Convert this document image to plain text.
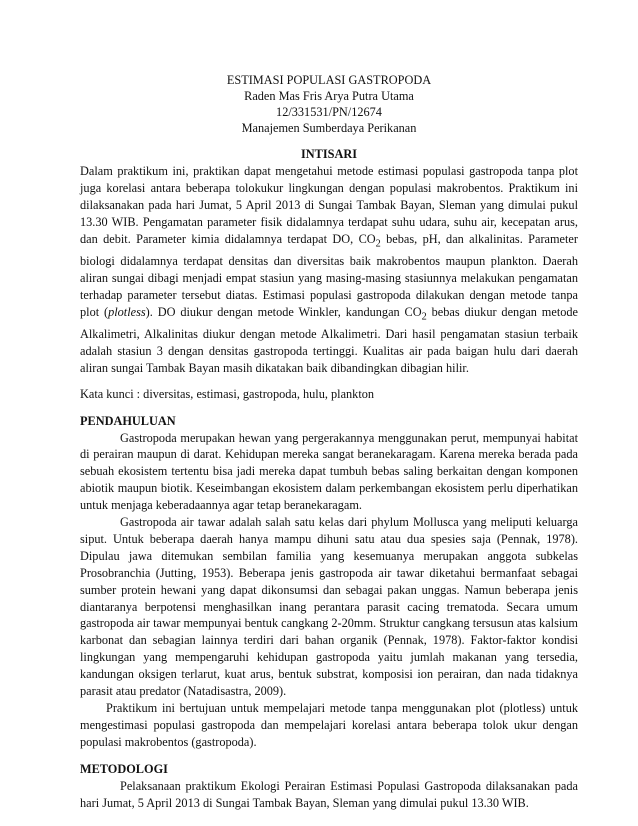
ESTIMASI POPULASI GASTROPODA
Raden Mas Fris Arya Putra Utama
12/331531/PN/12674
Manajemen Sumberdaya Perikanan
INTISARI

Dalam praktikum ini, praktikan dapat mengetahui metode estimasi populasi gastropoda tanpa plot juga korelasi antara beberapa tolokukur lingkungan dengan populasi makrobentos. Praktikum ini dilaksanakan pada hari Jumat, 5 April 2013 di Sungai Tambak Bayan, Sleman yang dimulai pukul 13.30 WIB. Pengamatan parameter fisik didalamnya terdapat suhu udara, suhu air, kecepatan arus, dan debit. Parameter kimia didalamnya terdapat DO, $CO_2$ bebas, pH, dan alkalinitas. Parameter biologi didalamnya terdapat densitas dan diversitas baik makrobentos maupun plankton. Daerah aliran sungai dibagi menjadi empat stasiun yang masing-masing stasiunnya melakukan pengamatan terhadap parameter tersebut diatas. Estimasi populasi gastropoda dilakukan dengan metode tanpa plot (plotless). DO diukur dengan metode Winkler, kandungan $CO_2$ bebas diukur dengan metode Alkalimetri, Alkalinitas diukur dengan metode Alkalimetri. Dari hasil pengamatan stasiun terbaik adalah stasiun 3 dengan densitas gastropoda tertinggi. Kualitas air pada baigan hulu dari daerah aliran sungai Tambak Bayan masih dikatakan baik dibandingkan dibagian hilir.

Kata kunci : diversitas, estimasi, gastropoda, hulu, plankton

PENDAHULUAN

Gastropoda merupakan hewan yang pergerakannya menggunakan perut, mempunyai habitat di perairan maupun di darat. Kehidupan mereka sangat beranekaragam. Karena mereka berada pada sebuah ekosistem tertentu bisa jadi mereka dapat tumbuh bebas saling berkaitan dengan komponen abiotik maupun biotik. Keseimbangan ekosistem dalam perkembangan ekosistem perlu diperhatikan untuk menjaga keberadaannya agar tetap beranekaragam.

Gastropoda air tawar adalah salah satu kelas dari phylum Mollusca yang meliputi keluarga siput. Untuk beberapa daerah hanya mampu dihuni satu atau dua spesies saja (Pennak, 1978). Dipulau jawa ditemukan sembilan familia yang kesemuanya merupakan anggota subkelas Prosobranchia (Jutting, 1953). Beberapa jenis gastropoda air tawar diketahui bermanfaat sebagai sumber protein hewani yang dapat dikonsumsi dan sebagai pakan unggas. Namun beberapa jenis diantaranya berpotensi menghasilkan inang perantara parasit cacing trematoda. Secara umum gastropoda air tawar mempunyai bentuk cangkang 2-20mm. Struktur cangkang tersusun atas kalsium karbonat dan sebagian lainnya terdiri dari bahan organik (Pennak, 1978). Faktor-faktor kondisi lingkungan yang mempengaruhi kehidupan gastropoda yaitu jumlah makanan yang tersedia, kandungan oksigen terlarut, kuat arus, bentuk substrat, komposisi ion perairan, dan nada tidaknya parasit atau predator (Natadisastra, 2009).

Praktikum ini bertujuan untuk mempelajari metode tanpa menggunakan plot (plotless) untuk mengestimasi populasi gastropoda dan mempelajari korelasi antara beberapa tolok ukur dengan populasi makrobentos (gastropoda).

METODOLOGI

Pelaksanaan praktikum Ekologi Perairan Estimasi Populasi Gastropoda dilaksanakan pada hari Jumat, 5 April 2013 di Sungai Tambak Bayan, Sleman yang dimulai pukul 13.30 WIB.
